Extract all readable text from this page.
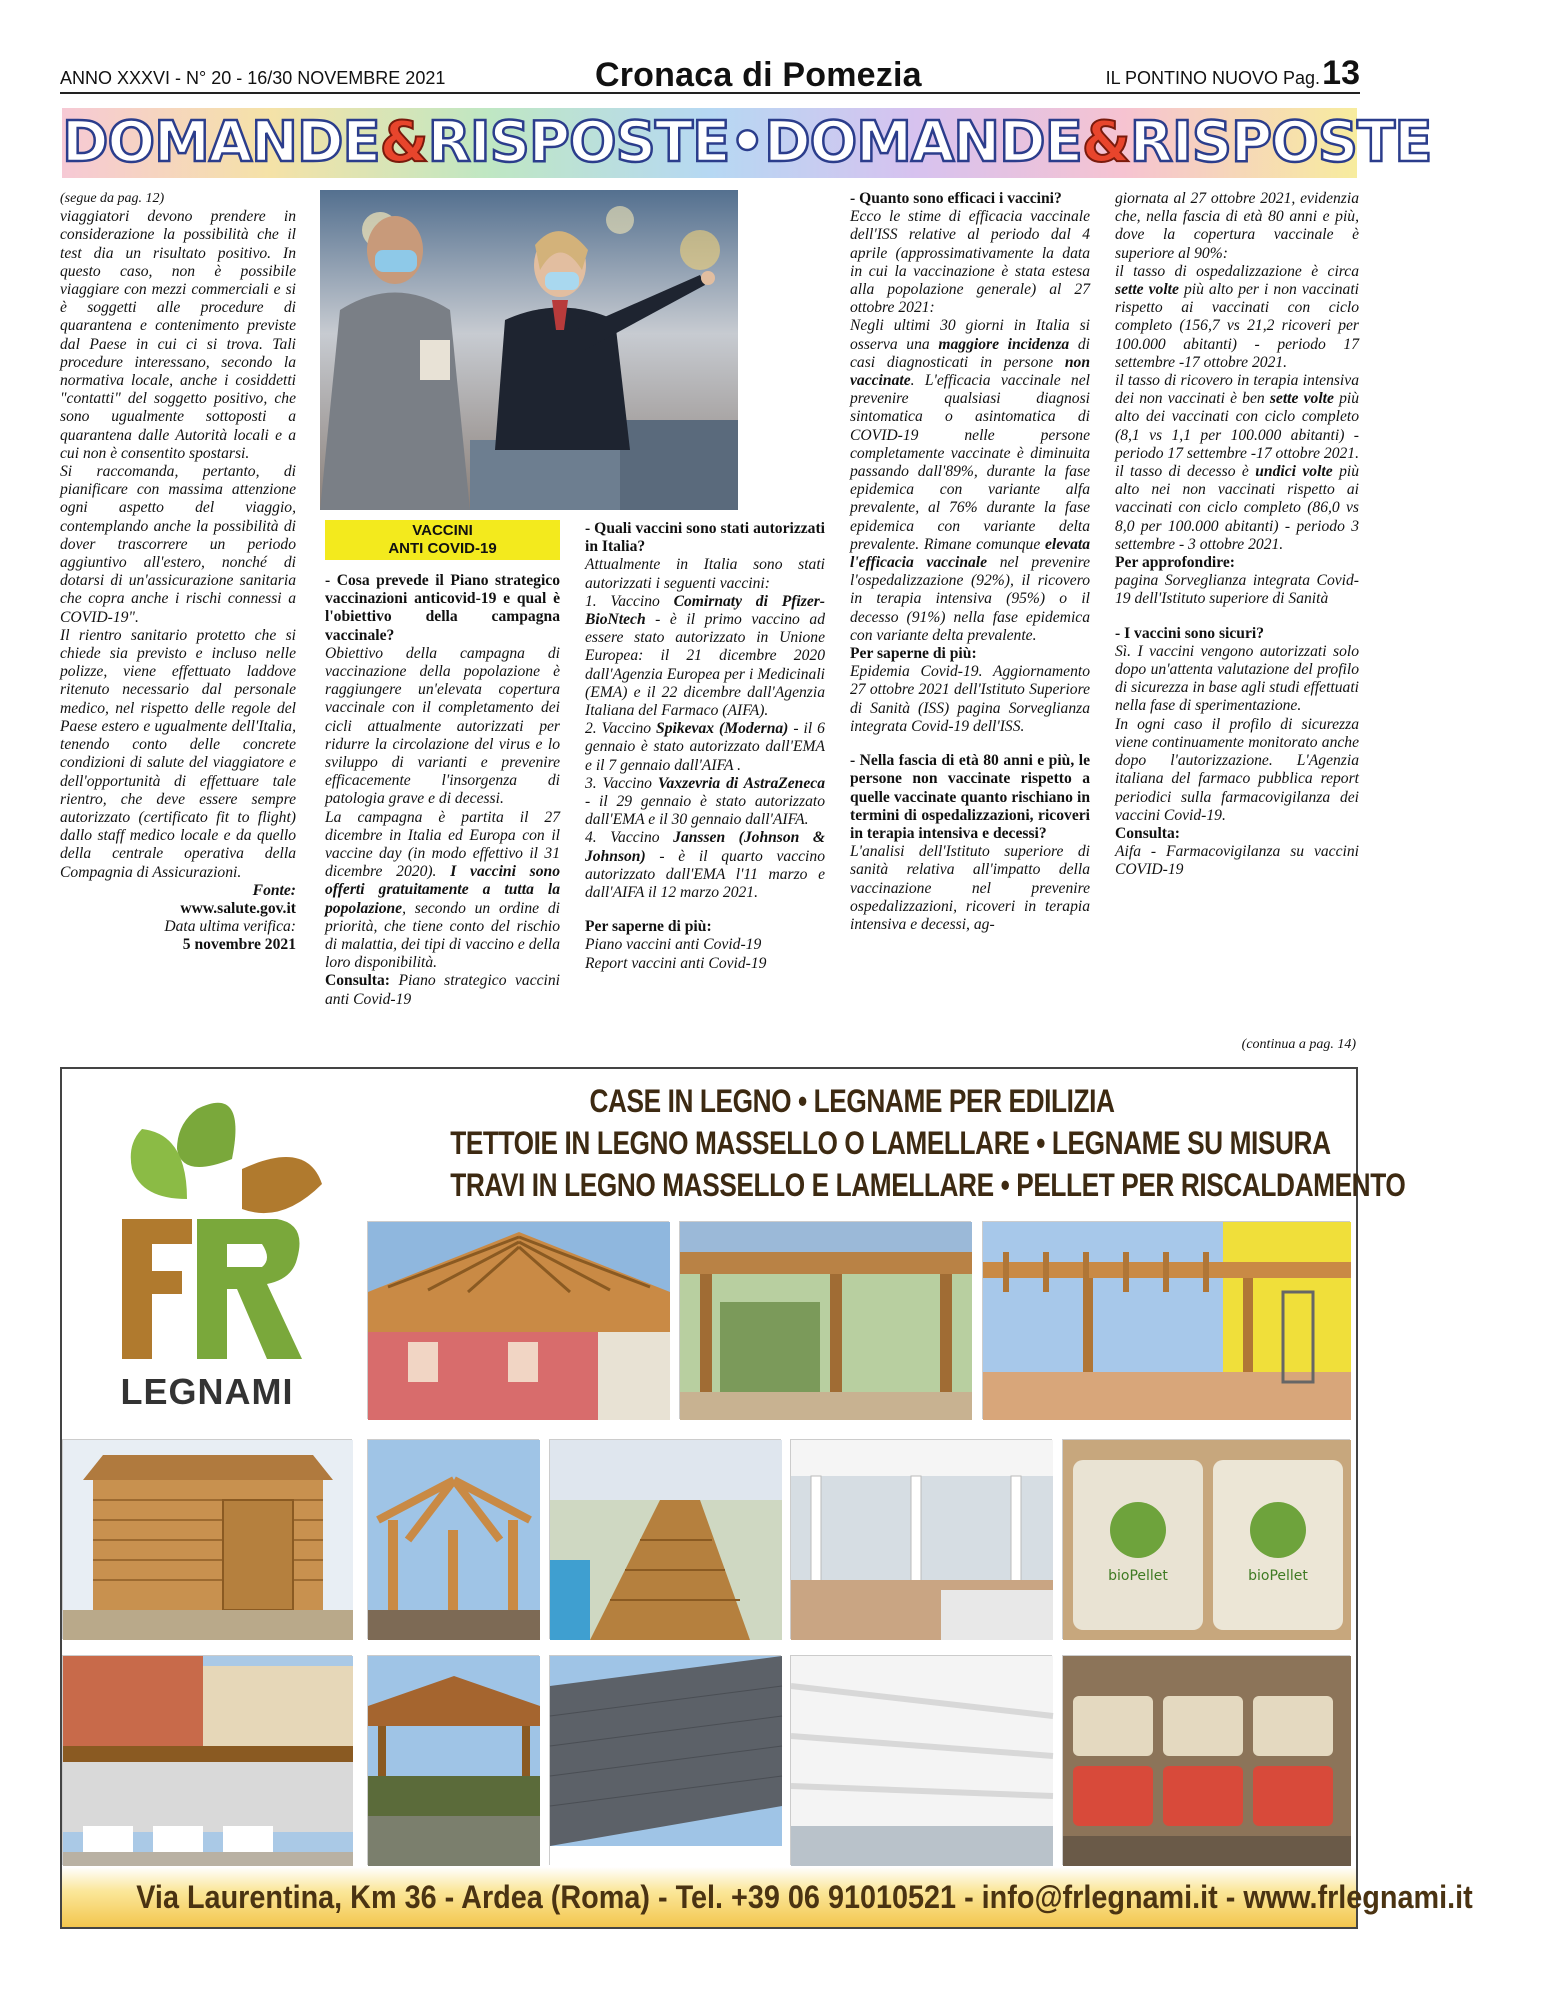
ANNO XXXVI - N° 20 - 16/30 NOVEMBRE 2021	Cronaca di Pomezia	IL PONTINO NUOVO Pag. 13
DOMANDE&RISPOSTE•DOMANDE&RISPOSTE

(segue da pag. 12)

viaggiatori devono prendere in considerazione la possibilità che il test dia un risultato positivo. In questo caso, non è possibile viaggiare con mezzi commerciali e si è soggetti alle procedure di quarantena e contenimento previste dal Paese in cui ci si trova. Tali procedure interessano, secondo la normativa locale, anche i cosiddetti "contatti" del soggetto positivo, che sono ugualmente sottoposti a quarantena dalle Autorità locali e a cui non è consentito spostarsi.

Si raccomanda, pertanto, di pianificare con massima attenzione ogni aspetto del viaggio, contemplando anche la possibilità di dover trascorrere un periodo aggiuntivo all'estero, nonché di dotarsi di un'assicurazione sanitaria che copra anche i rischi connessi a COVID-19".

Il rientro sanitario protetto che si chiede sia previsto e incluso nelle polizze, viene effettuato laddove ritenuto necessario dal personale medico, nel rispetto delle regole del Paese estero e ugualmente dell'Italia, tenendo conto delle concrete condizioni di salute del viaggiatore e dell'opportunità di effettuare tale rientro, che deve essere sempre autorizzato (certificato fit to flight) dallo staff medico locale e da quello della centrale operativa della Compagnia di Assicurazioni.

Fonte:

www.salute.gov.it

Data ultima verifica:

5 novembre 2021

VACCINI
ANTI COVID-19

- Cosa prevede il Piano strategico vaccinazioni anticovid-19 e qual è l'obiettivo della campagna vaccinale?

Obiettivo della campagna di vaccinazione della popolazione è raggiungere un'elevata copertura vaccinale con il completamento dei cicli attualmente autorizzati per ridurre la circolazione del virus e lo sviluppo di varianti e prevenire efficacemente l'insorgenza di patologia grave e di decessi.

La campagna è partita il 27 dicembre in Italia ed Europa con il vaccine day (in modo effettivo il 31 dicembre 2020). I vaccini sono offerti gratuitamente a tutta la popolazione, secondo un ordine di priorità, che tiene conto del rischio di malattia, dei tipi di vaccino e della loro disponibilità.

Consulta: Piano strategico vaccini anti Covid-19

- Quali vaccini sono stati autorizzati in Italia?

Attualmente in Italia sono stati autorizzati i seguenti vaccini:

1. Vaccino Comirnaty di Pfizer-BioNtech - è il primo vaccino ad essere stato autorizzato in Unione Europea: il 21 dicembre 2020 dall'Agenzia Europea per i Medicinali (EMA) e il 22 dicembre dall'Agenzia Italiana del Farmaco (AIFA).

2. Vaccino Spikevax (Moderna) - il 6 gennaio è stato autorizzato dall'EMA e il 7 gennaio dall'AIFA .

3. Vaccino Vaxzevria di AstraZeneca - il 29 gennaio è stato autorizzato dall'EMA e il 30 gennaio dall'AIFA.

4. Vaccino Janssen (Johnson & Johnson) - è il quarto vaccino autorizzato dall'EMA l'11 marzo e dall'AIFA il 12 marzo 2021.

Per saperne di più:

Piano vaccini anti Covid-19

Report vaccini anti Covid-19

- Quanto sono efficaci i vaccini?

Ecco le stime di efficacia vaccinale dell'ISS relative al periodo dal 4 aprile (approssimativamente la data in cui la vaccinazione è stata estesa alla popolazione generale) al 27 ottobre 2021:

Negli ultimi 30 giorni in Italia si osserva una maggiore incidenza di casi diagnosticati in persone non vaccinate. L'efficacia vaccinale nel prevenire qualsiasi diagnosi sintomatica o asintomatica di COVID-19 nelle persone completamente vaccinate è diminuita passando dall'89%, durante la fase epidemica con variante alfa prevalente, al 76% durante la fase epidemica con variante delta prevalente. Rimane comunque elevata l'efficacia vaccinale nel prevenire l'ospedalizzazione (92%), il ricovero in terapia intensiva (95%) o il decesso (91%) nella fase epidemica con variante delta prevalente.

Per saperne di più:

Epidemia Covid-19. Aggiornamento 27 ottobre 2021 dell'Istituto Superiore di Sanità (ISS) pagina Sorveglianza integrata Covid-19 dell'ISS.

- Nella fascia di età 80 anni e più, le persone non vaccinate rispetto a quelle vaccinate quanto rischiano in termini di ospedalizzazioni, ricoveri in terapia intensiva e decessi?

L'analisi dell'Istituto superiore di sanità relativa all'impatto della vaccinazione nel prevenire ospedalizzazioni, ricoveri in terapia intensiva e decessi, ag-

giornata al 27 ottobre 2021, evidenzia che, nella fascia di età 80 anni e più, dove la copertura vaccinale è superiore al 90%:

il tasso di ospedalizzazione è circa sette volte più alto per i non vaccinati rispetto ai vaccinati con ciclo completo (156,7 vs 21,2 ricoveri per 100.000 abitanti) - periodo 17 settembre -17 ottobre 2021.

il tasso di ricovero in terapia intensiva dei non vaccinati è ben sette volte più alto dei vaccinati con ciclo completo (8,1 vs 1,1 per 100.000 abitanti) - periodo 17 settembre -17 ottobre 2021.

il tasso di decesso è undici volte più alto nei non vaccinati rispetto ai vaccinati con ciclo completo (86,0 vs 8,0 per 100.000 abitanti) - periodo 3 settembre - 3 ottobre 2021.

Per approfondire:

pagina Sorveglianza integrata Covid-19 dell'Istituto superiore di Sanità

- I vaccini sono sicuri?

Sì. I vaccini vengono autorizzati solo dopo un'attenta valutazione del profilo di sicurezza in base agli studi effettuati nella fase di sperimentazione.

In ogni caso il profilo di sicurezza viene continuamente monitorato anche dopo l'autorizzazione. L'Agenzia italiana del farmaco pubblica report periodici sulla farmacovigilanza dei vaccini Covid-19.

Consulta:

Aifa - Farmacovigilanza su vaccini COVID-19

(continua a pag. 14)
CASE IN LEGNO • LEGNAME PER EDILIZIA
TETTOIE IN LEGNO MASSELLO O LAMELLARE • LEGNAME SU MISURA
TRAVI IN LEGNO MASSELLO E LAMELLARE • PELLET PER RISCALDAMENTO
LEGNAMI
bioPellet	bioPellet
Via Laurentina, Km 36 - Ardea (Roma) - Tel. +39 06 91010521 - info@frlegnami.it - www.frlegnami.it
